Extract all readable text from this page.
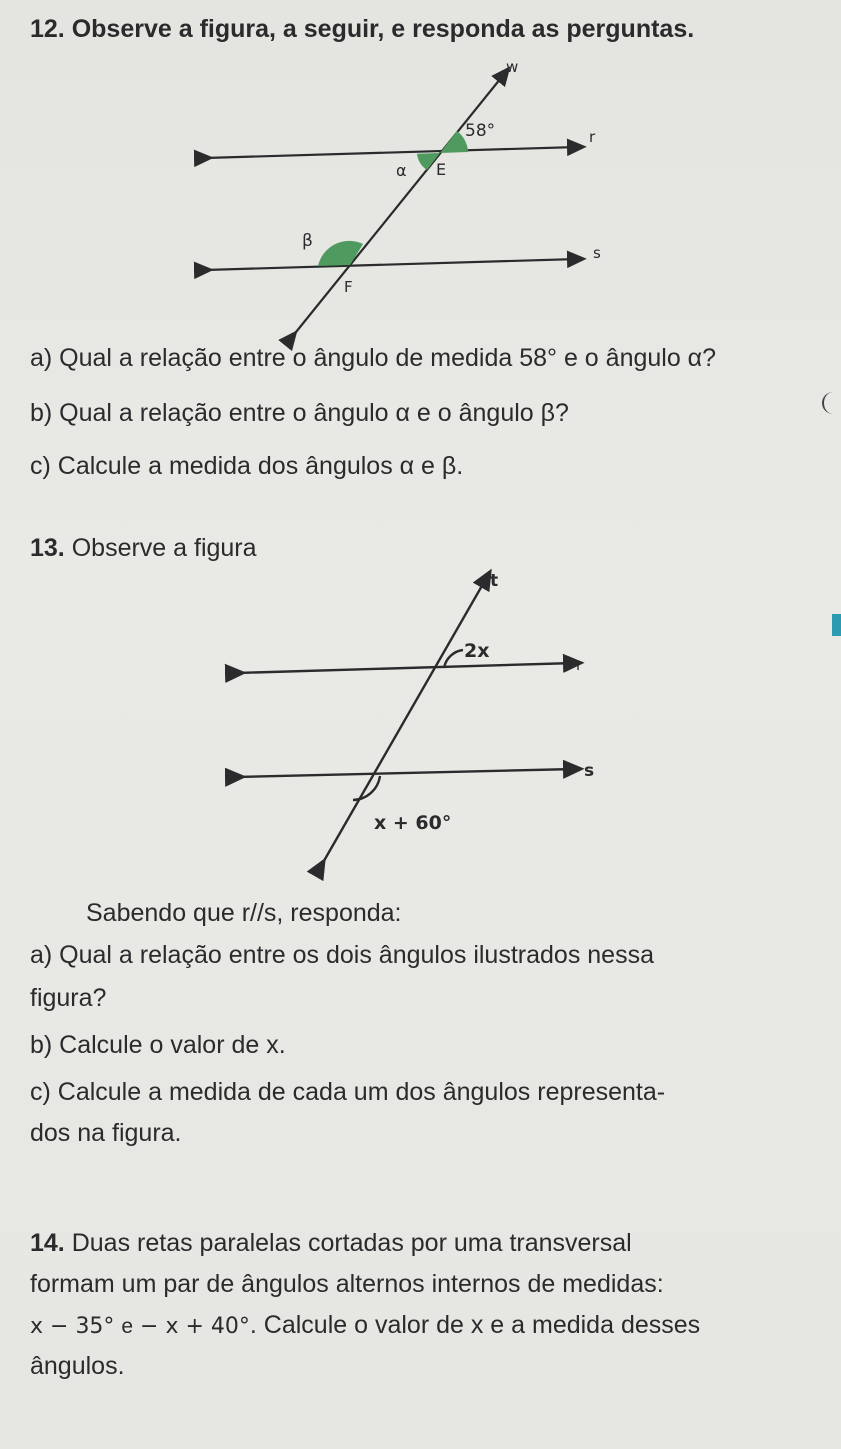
12. Observe a figura, a seguir, e responda as perguntas.
w
58°	r
α E
β
s
F
a) Qual a relação entre o ângulo de medida 58° e o ângulo α?
b) Qual a relação entre o ângulo α e o ângulo β?
c) Calcule a medida dos ângulos α e β.
13. Observe a figura
t
2x
r
s
x + 60°
Sabendo que r//s, responda:
a) Qual a relação entre os dois ângulos ilustrados nessa
figura?
b) Calcule o valor de x.
c) Calcule a medida de cada um dos ângulos representa-
dos na figura.
14. Duas retas paralelas cortadas por uma transversal
formam um par de ângulos alternos internos de medidas:
x − 35° e − x + 40°. Calcule o valor de x e a medida desses
ângulos.
